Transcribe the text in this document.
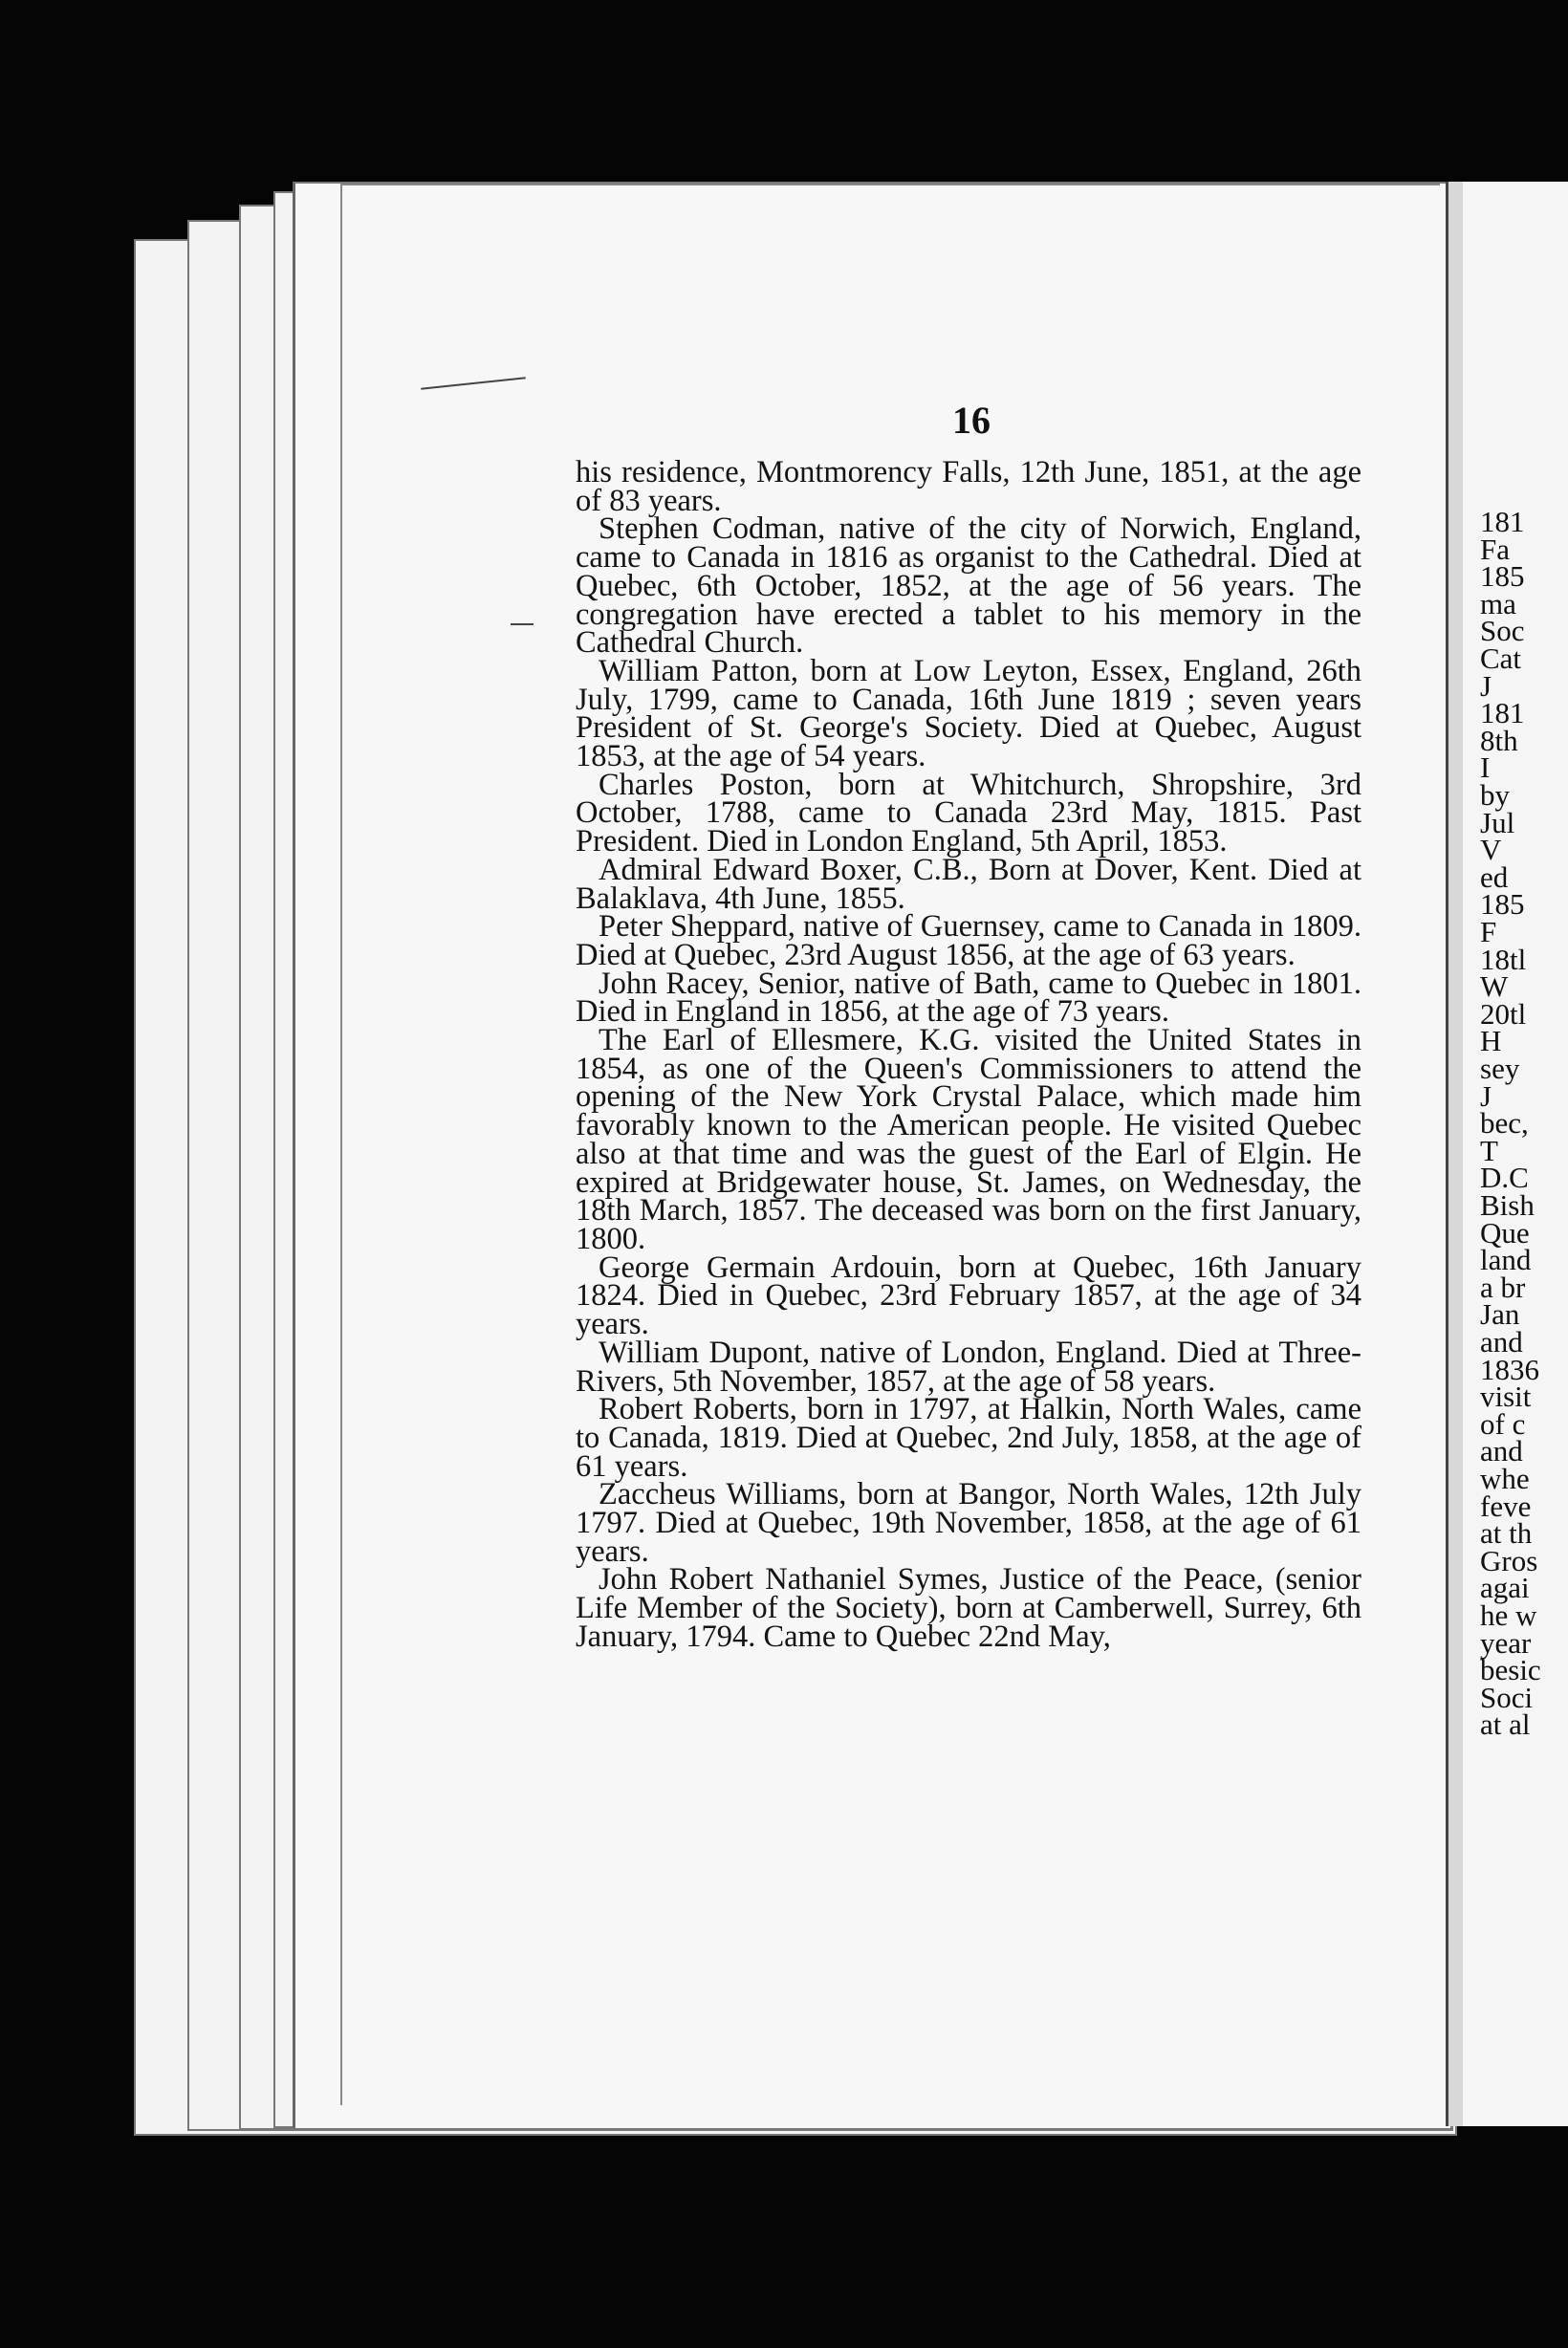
181
Fa
185
ma
Soc
Cat
J
181
8th
I
by
Jul
V
ed
185
F
18tl
W
20tl
H
sey
J
bec,
T
D.C
Bish
Que
land
a br
Jan
and
1836
visit
of c
and
whe
feve
at th
Gros
agai
he w
year
besic
Soci
at al
16

his residence, Montmorency Falls, 12th June, 1851, at the age of 83 years.

Stephen Codman, native of the city of Norwich, England, came to Canada in 1816 as organist to the Cathedral. Died at Quebec, 6th October, 1852, at the age of 56 years. The congregation have erected a tablet to his memory in the Cathedral Church.

William Patton, born at Low Leyton, Essex, England, 26th July, 1799, came to Canada, 16th June 1819 ; seven years President of St. George's Society. Died at Quebec, August 1853, at the age of 54 years.

Charles Poston, born at Whitchurch, Shropshire, 3rd October, 1788, came to Canada 23rd May, 1815. Past President. Died in London England, 5th April, 1853.

Admiral Edward Boxer, C.B., Born at Dover, Kent. Died at Balaklava, 4th June, 1855.

Peter Sheppard, native of Guernsey, came to Canada in 1809. Died at Quebec, 23rd August 1856, at the age of 63 years.

John Racey, Senior, native of Bath, came to Quebec in 1801. Died in England in 1856, at the age of 73 years.

The Earl of Ellesmere, K.G. visited the United States in 1854, as one of the Queen's Commissioners to attend the opening of the New York Crystal Palace, which made him favorably known to the American people. He visited Quebec also at that time and was the guest of the Earl of Elgin. He expired at Bridgewater house, St. James, on Wednesday, the 18th March, 1857. The deceased was born on the first January, 1800.

George Germain Ardouin, born at Quebec, 16th January 1824. Died in Quebec, 23rd February 1857, at the age of 34 years.

William Dupont, native of London, England. Died at Three-Rivers, 5th November, 1857, at the age of 58 years.

Robert Roberts, born in 1797, at Halkin, North Wales, came to Canada, 1819. Died at Quebec, 2nd July, 1858, at the age of 61 years.

Zaccheus Williams, born at Bangor, North Wales, 12th July 1797. Died at Quebec, 19th November, 1858, at the age of 61 years.

John Robert Nathaniel Symes, Justice of the Peace, (senior Life Member of the Society), born at Camberwell, Surrey, 6th January, 1794. Came to Quebec 22nd May,
